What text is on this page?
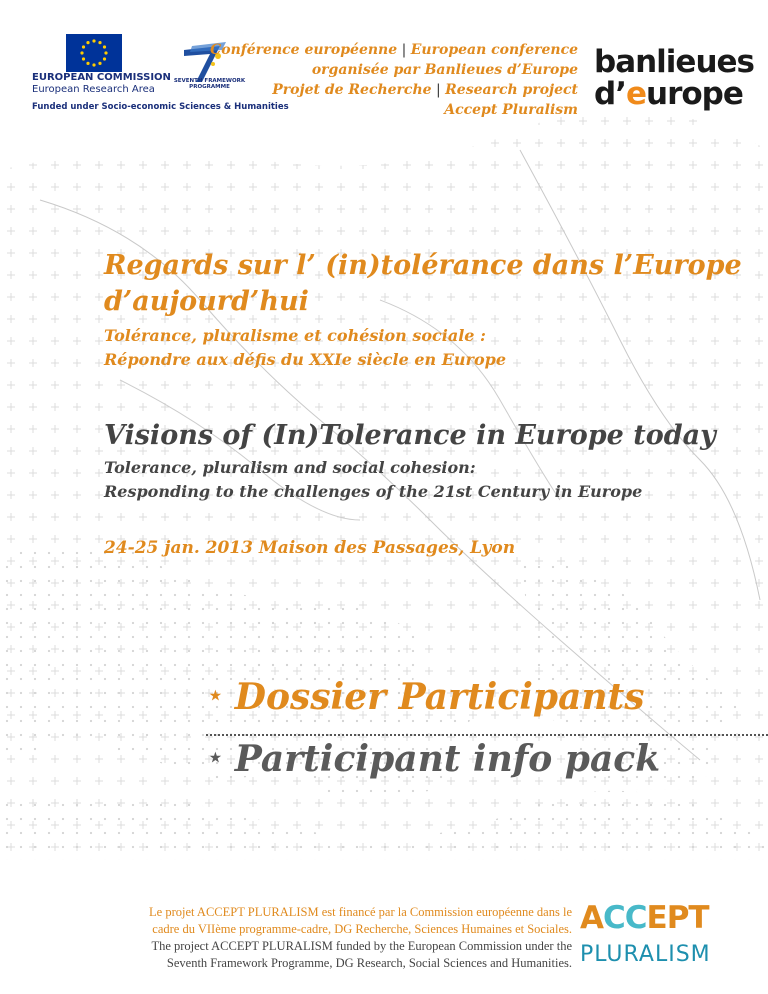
EUROPEAN COMMISSION
European Research Area
SEVENTH FRAMEWORK PROGRAMME
Funded under Socio-economic Sciences & Humanities
Conférence européenne | European conference
organisée par Banlieues d’Europe
Projet de Recherche | Research project
Accept Pluralism
banlieues
d’europe
Regards sur l’ (in)tolérance dans l’Europe d’aujourd’hui
Tolérance, pluralisme et cohésion sociale :
Répondre aux défis du XXIe siècle en Europe
Visions of (In)Tolerance in Europe today
Tolerance, pluralism and social cohesion:
Responding to the challenges of the 21st Century in Europe
24-25 jan. 2013 Maison des Passages, Lyon
⋆ Dossier Participants
⋆ Participant info pack
Le projet ACCEPT PLURALISM est financé par la Commission européenne dans le
cadre du VIIème programme-cadre, DG Recherche, Sciences Humaines et Sociales.
The project ACCEPT PLURALISM funded by the European Commission under the
Seventh Framework Programme, DG Research, Social Sciences and Humanities.
ACCEPT
PLURALISM
